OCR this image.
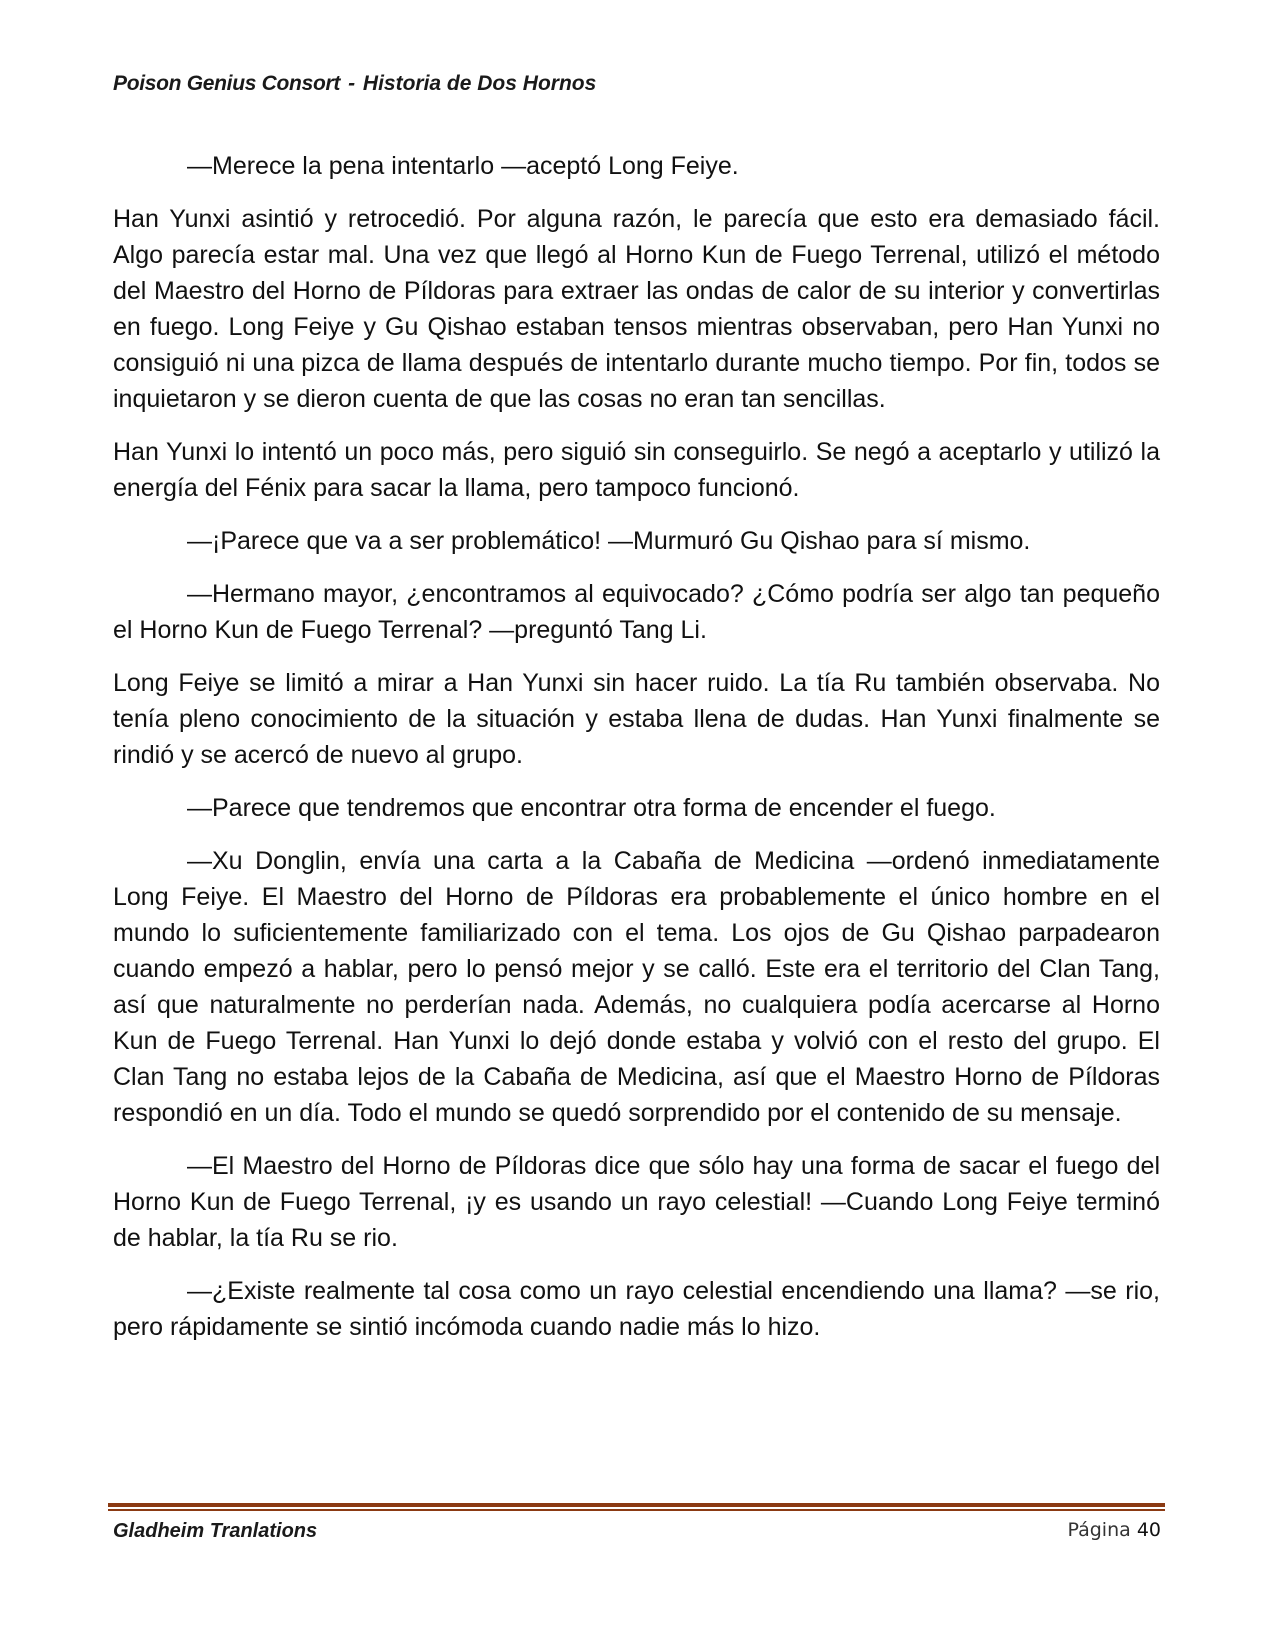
Poison Genius Consort - Historia de Dos Hornos

—Merece la pena intentarlo —aceptó Long Feiye.

Han Yunxi asintió y retrocedió. Por alguna razón, le parecía que esto era demasiado fácil. Algo parecía estar mal. Una vez que llegó al Horno Kun de Fuego Terrenal, utilizó el método del Maestro del Horno de Píldoras para extraer las ondas de calor de su interior y convertirlas en fuego. Long Feiye y Gu Qishao estaban tensos mientras observaban, pero Han Yunxi no consiguió ni una pizca de llama después de intentarlo durante mucho tiempo. Por fin, todos se inquietaron y se dieron cuenta de que las cosas no eran tan sencillas.

Han Yunxi lo intentó un poco más, pero siguió sin conseguirlo. Se negó a aceptarlo y utilizó la energía del Fénix para sacar la llama, pero tampoco funcionó.

—¡Parece que va a ser problemático! —Murmuró Gu Qishao para sí mismo.

—Hermano mayor, ¿encontramos al equivocado? ¿Cómo podría ser algo tan pequeño el Horno Kun de Fuego Terrenal? —preguntó Tang Li.

Long Feiye se limitó a mirar a Han Yunxi sin hacer ruido. La tía Ru también observaba. No tenía pleno conocimiento de la situación y estaba llena de dudas. Han Yunxi finalmente se rindió y se acercó de nuevo al grupo.

—Parece que tendremos que encontrar otra forma de encender el fuego.

—Xu Donglin, envía una carta a la Cabaña de Medicina —ordenó inmediatamente Long Feiye. El Maestro del Horno de Píldoras era probablemente el único hombre en el mundo lo suficientemente familiarizado con el tema. Los ojos de Gu Qishao parpadearon cuando empezó a hablar, pero lo pensó mejor y se calló. Este era el territorio del Clan Tang, así que naturalmente no perderían nada. Además, no cualquiera podía acercarse al Horno Kun de Fuego Terrenal. Han Yunxi lo dejó donde estaba y volvió con el resto del grupo. El Clan Tang no estaba lejos de la Cabaña de Medicina, así que el Maestro Horno de Píldoras respondió en un día. Todo el mundo se quedó sorprendido por el contenido de su mensaje.

—El Maestro del Horno de Píldoras dice que sólo hay una forma de sacar el fuego del Horno Kun de Fuego Terrenal, ¡y es usando un rayo celestial! —Cuando Long Feiye terminó de hablar, la tía Ru se rio.

—¿Existe realmente tal cosa como un rayo celestial encendiendo una llama? —se rio, pero rápidamente se sintió incómoda cuando nadie más lo hizo.

Gladheim Tranlations	Página 40
